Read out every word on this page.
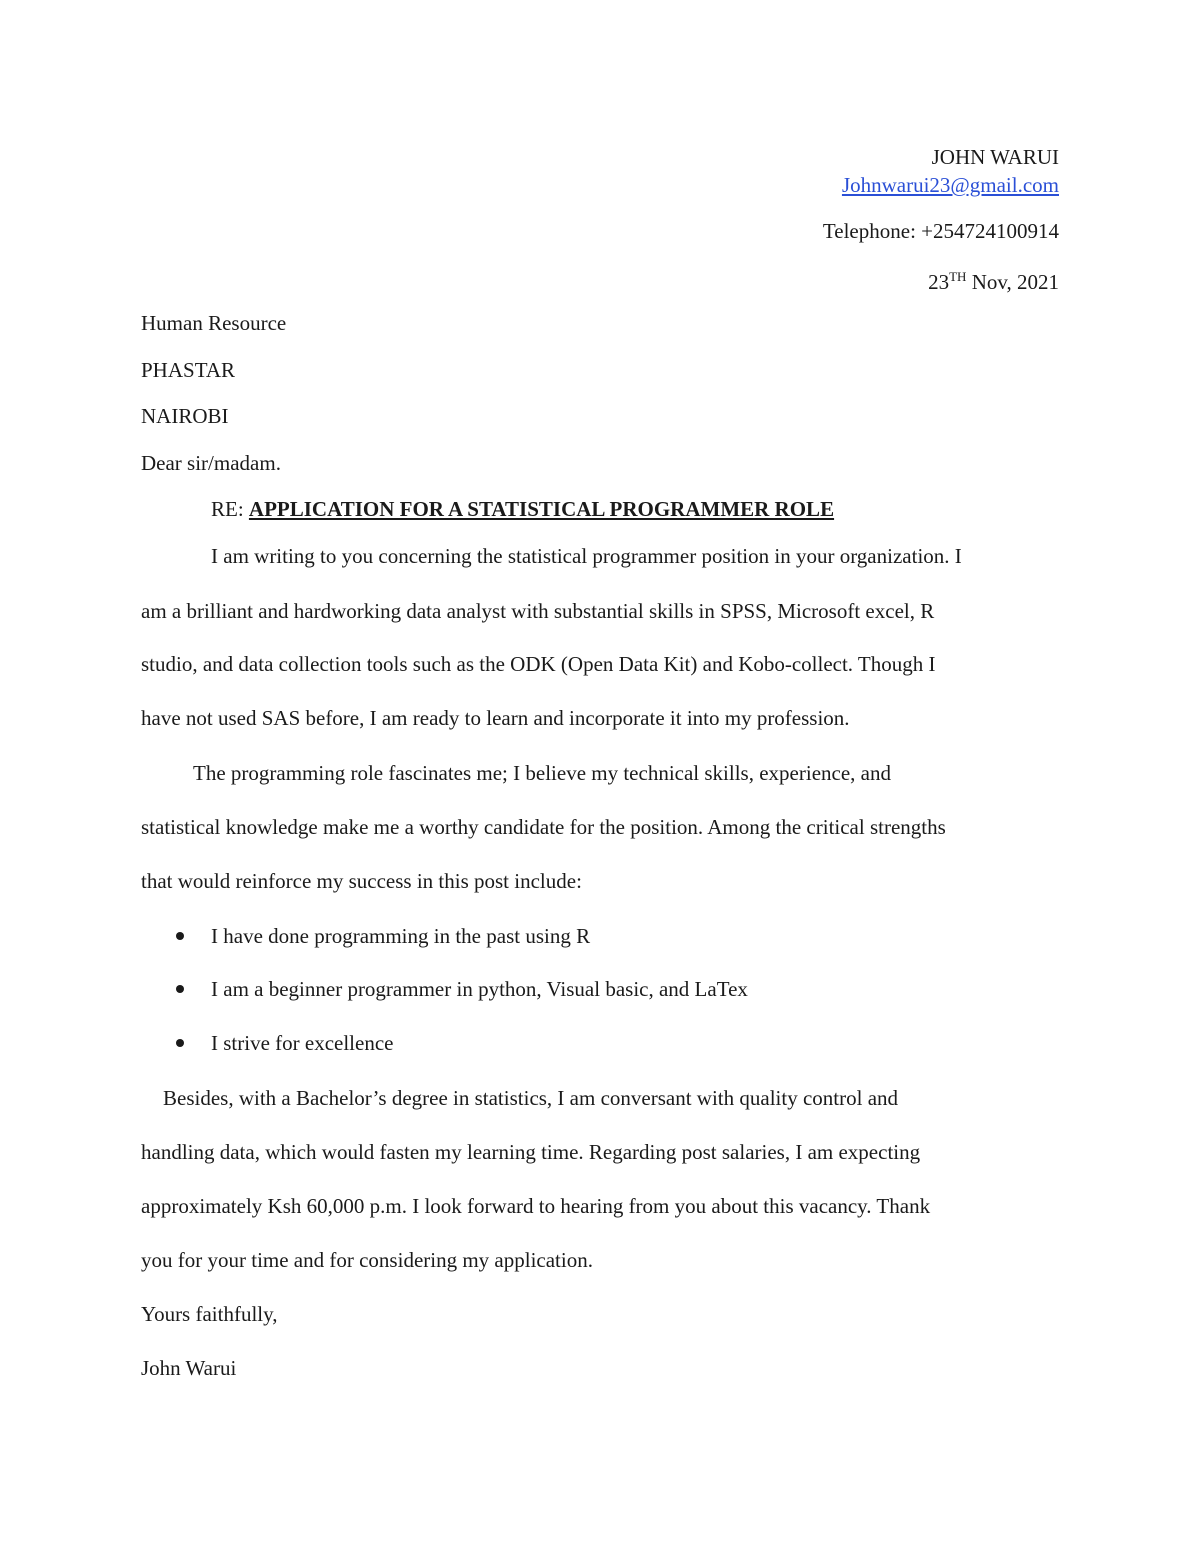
JOHN WARUI
Johnwarui23@gmail.com
Telephone: +254724100914
23TH Nov, 2021
Human Resource
PHASTAR
NAIROBI
Dear sir/madam.
RE: APPLICATION FOR A STATISTICAL PROGRAMMER ROLE
I am writing to you concerning the statistical programmer position in your organization. I
am a brilliant and hardworking data analyst with substantial skills in SPSS, Microsoft excel, R
studio, and data collection tools such as the ODK (Open Data Kit) and Kobo-collect. Though I
have not used SAS before, I am ready to learn and incorporate it into my profession.
The programming role fascinates me; I believe my technical skills, experience, and
statistical knowledge make me a worthy candidate for the position. Among the critical strengths
that would reinforce my success in this post include:
I have done programming in the past using R
I am a beginner programmer in python, Visual basic, and LaTex
I strive for excellence
Besides, with a Bachelor’s degree in statistics, I am conversant with quality control and
handling data, which would fasten my learning time. Regarding post salaries, I am expecting
approximately Ksh 60,000 p.m. I look forward to hearing from you about this vacancy. Thank
you for your time and for considering my application.
Yours faithfully,
John Warui
